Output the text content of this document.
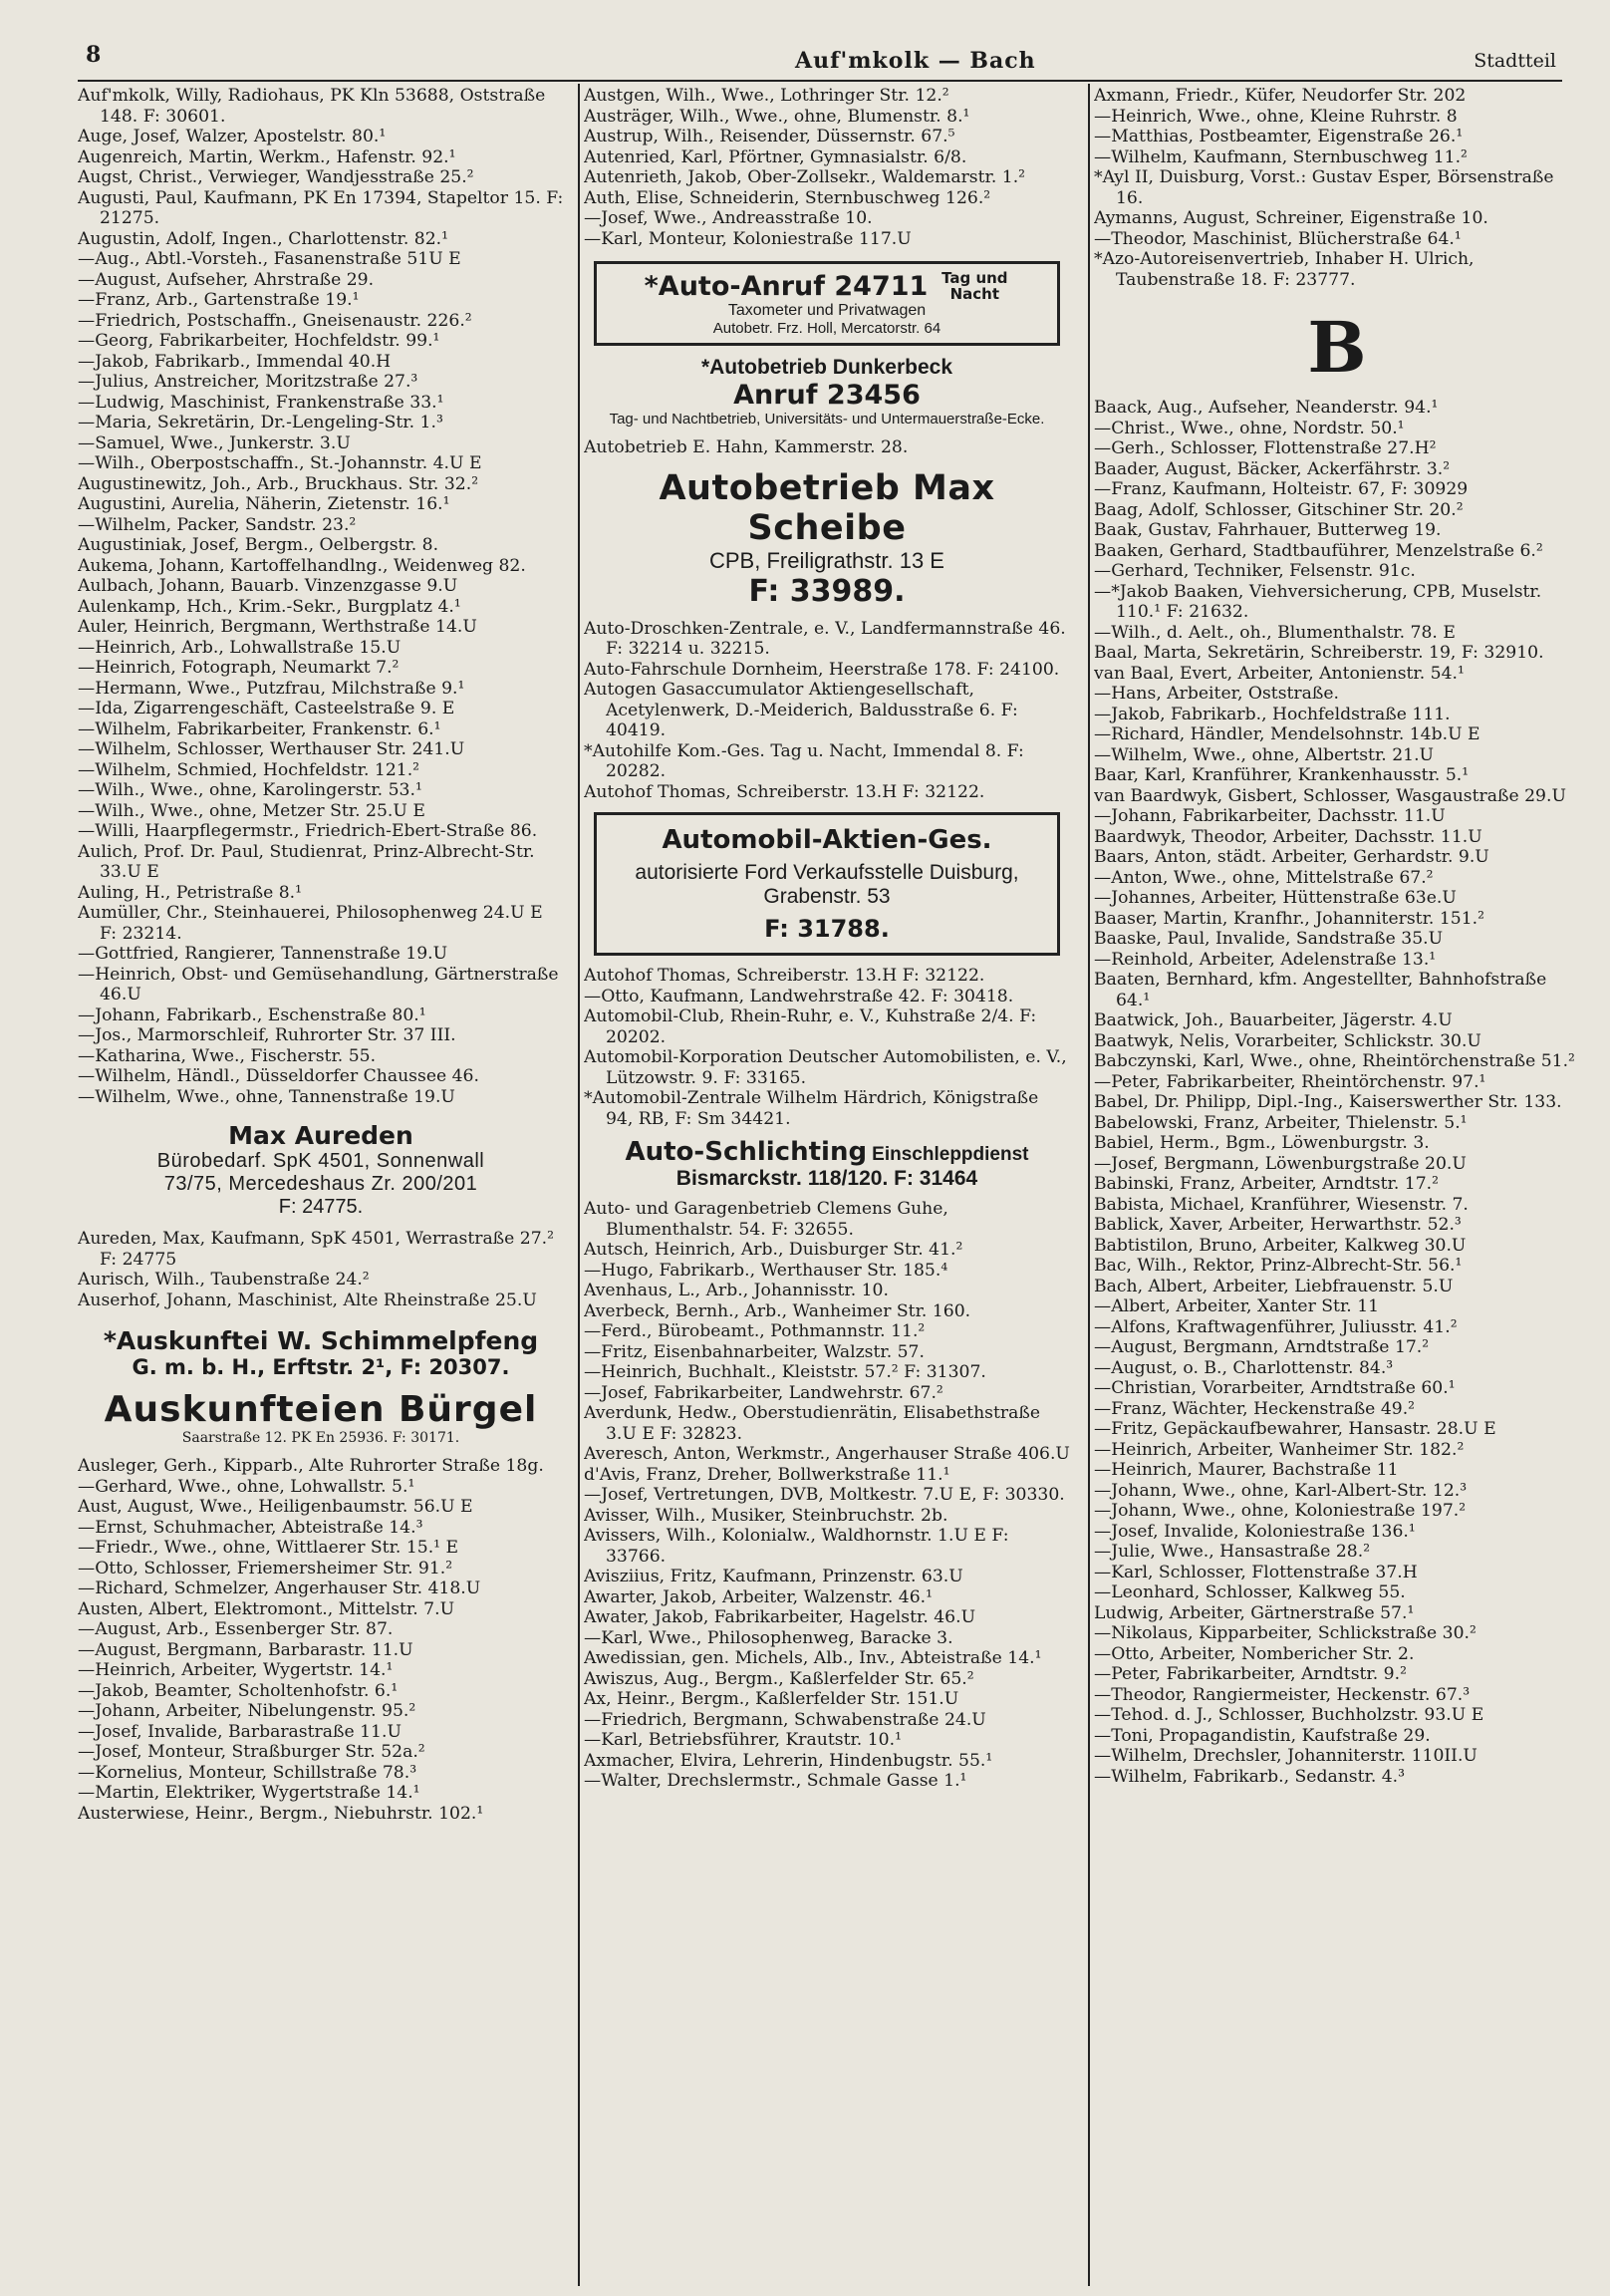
8	Auf'mkolk — Bach	Stadtteil

Auf'mkolk, Willy, Radiohaus, PK Kln 53688, Oststraße 148. F: 30601.

Auge, Josef, Walzer, Apostelstr. 80.¹

Augenreich, Martin, Werkm., Hafenstr. 92.¹

Augst, Christ., Verwieger, Wandjesstraße 25.²

Augusti, Paul, Kaufmann, PK En 17394, Stapeltor 15. F: 21275.

Augustin, Adolf, Ingen., Charlottenstr. 82.¹

—Aug., Abtl.-Vorsteh., Fasanenstraße 51U E

—August, Aufseher, Ahrstraße 29.

—Franz, Arb., Gartenstraße 19.¹

—Friedrich, Postschaffn., Gneisenaustr. 226.²

—Georg, Fabrikarbeiter, Hochfeldstr. 99.¹

—Jakob, Fabrikarb., Immendal 40.H

—Julius, Anstreicher, Moritzstraße 27.³

—Ludwig, Maschinist, Frankenstraße 33.¹

—Maria, Sekretärin, Dr.-Lengeling-Str. 1.³

—Samuel, Wwe., Junkerstr. 3.U

—Wilh., Oberpostschaffn., St.-Johannstr. 4.U E

Augustinewitz, Joh., Arb., Bruckhaus. Str. 32.²

Augustini, Aurelia, Näherin, Zietenstr. 16.¹

—Wilhelm, Packer, Sandstr. 23.²

Augustiniak, Josef, Bergm., Oelbergstr. 8.

Aukema, Johann, Kartoffelhandlng., Weidenweg 82.

Aulbach, Johann, Bauarb. Vinzenzgasse 9.U

Aulenkamp, Hch., Krim.-Sekr., Burgplatz 4.¹

Auler, Heinrich, Bergmann, Werthstraße 14.U

—Heinrich, Arb., Lohwallstraße 15.U

—Heinrich, Fotograph, Neumarkt 7.²

—Hermann, Wwe., Putzfrau, Milchstraße 9.¹

—Ida, Zigarrengeschäft, Casteelstraße 9. E

—Wilhelm, Fabrikarbeiter, Frankenstr. 6.¹

—Wilhelm, Schlosser, Werthauser Str. 241.U

—Wilhelm, Schmied, Hochfeldstr. 121.²

—Wilh., Wwe., ohne, Karolingerstr. 53.¹

—Wilh., Wwe., ohne, Metzer Str. 25.U E

—Willi, Haarpflegermstr., Friedrich-Ebert-Straße 86.

Aulich, Prof. Dr. Paul, Studienrat, Prinz-Albrecht-Str. 33.U E

Auling, H., Petristraße 8.¹

Aumüller, Chr., Steinhauerei, Philosophenweg 24.U E F: 23214.

—Gottfried, Rangierer, Tannenstraße 19.U

—Heinrich, Obst- und Gemüsehandlung, Gärtnerstraße 46.U

—Johann, Fabrikarb., Eschenstraße 80.¹

—Jos., Marmorschleif, Ruhrorter Str. 37 III.

—Katharina, Wwe., Fischerstr. 55.

—Wilhelm, Händl., Düsseldorfer Chaussee 46.

—Wilhelm, Wwe., ohne, Tannenstraße 19.U

Max Aureden
Bürobedarf. SpK 4501, Sonnenwall
73/75, Mercedeshaus Zr. 200/201
F: 24775.

Aureden, Max, Kaufmann, SpK 4501, Werrastraße 27.² F: 24775

Aurisch, Wilh., Taubenstraße 24.²

Auserhof, Johann, Maschinist, Alte Rheinstraße 25.U

*Auskunftei W. Schimmelpfeng
G. m. b. H., Erftstr. 2¹, F: 20307.
Auskunfteien Bürgel
Saarstraße 12. PK En 25936. F: 30171.

Ausleger, Gerh., Kipparb., Alte Ruhrorter Straße 18g.

—Gerhard, Wwe., ohne, Lohwallstr. 5.¹

Aust, August, Wwe., Heiligenbaumstr. 56.U E

—Ernst, Schuhmacher, Abteistraße 14.³

—Friedr., Wwe., ohne, Wittlaerer Str. 15.¹ E

—Otto, Schlosser, Friemersheimer Str. 91.²

—Richard, Schmelzer, Angerhauser Str. 418.U

Austen, Albert, Elektromont., Mittelstr. 7.U

—August, Arb., Essenberger Str. 87.

—August, Bergmann, Barbarastr. 11.U

—Heinrich, Arbeiter, Wygertstr. 14.¹

—Jakob, Beamter, Scholtenhofstr. 6.¹

—Johann, Arbeiter, Nibelungenstr. 95.²

—Josef, Invalide, Barbarastraße 11.U

—Josef, Monteur, Straßburger Str. 52a.²

—Kornelius, Monteur, Schillstraße 78.³

—Martin, Elektriker, Wygertstraße 14.¹

Austerwiese, Heinr., Bergm., Niebuhrstr. 102.¹

Austgen, Wilh., Wwe., Lothringer Str. 12.²

Austräger, Wilh., Wwe., ohne, Blumenstr. 8.¹

Austrup, Wilh., Reisender, Düssernstr. 67.⁵

Autenried, Karl, Pförtner, Gymnasialstr. 6/8.

Autenrieth, Jakob, Ober-Zollsekr., Waldemarstr. 1.²

Auth, Elise, Schneiderin, Sternbuschweg 126.²

—Josef, Wwe., Andreasstraße 10.

—Karl, Monteur, Koloniestraße 117.U

*Auto-Anruf 24711 Tag und Nacht
Taxometer und Privatwagen
Autobetr. Frz. Holl, Mercatorstr. 64
*Autobetrieb Dunkerbeck
Anruf 23456
Tag- und Nachtbetrieb, Universitäts- und Untermauerstraße-Ecke.

Autobetrieb E. Hahn, Kammerstr. 28.

Autobetrieb Max Scheibe
CPB, Freiligrathstr. 13 E
F: 33989.

Auto-Droschken-Zentrale, e. V., Landfermannstraße 46. F: 32214 u. 32215.

Auto-Fahrschule Dornheim, Heerstraße 178. F: 24100.

Autogen Gasaccumulator Aktiengesellschaft, Acetylenwerk, D.-Meiderich, Baldusstraße 6. F: 40419.

*Autohilfe Kom.-Ges. Tag u. Nacht, Immendal 8. F: 20282.

Autohof Thomas, Schreiberstr. 13.H F: 32122.

Automobil-Aktien-Ges.
autorisierte Ford Verkaufsstelle Duisburg, Grabenstr. 53
F: 31788.

Autohof Thomas, Schreiberstr. 13.H F: 32122.

—Otto, Kaufmann, Landwehrstraße 42. F: 30418.

Automobil-Club, Rhein-Ruhr, e. V., Kuhstraße 2/4. F: 20202.

Automobil-Korporation Deutscher Automobilisten, e. V., Lützowstr. 9. F: 33165.

*Automobil-Zentrale Wilhelm Härdrich, Königstraße 94, RB, F: Sm 34421.

Auto-Schlichting Einschleppdienst
Bismarckstr. 118/120. F: 31464

Auto- und Garagenbetrieb Clemens Guhe, Blumenthalstr. 54. F: 32655.

Autsch, Heinrich, Arb., Duisburger Str. 41.²

—Hugo, Fabrikarb., Werthauser Str. 185.⁴

Avenhaus, L., Arb., Johannisstr. 10.

Averbeck, Bernh., Arb., Wanheimer Str. 160.

—Ferd., Bürobeamt., Pothmannstr. 11.²

—Fritz, Eisenbahnarbeiter, Walzstr. 57.

—Heinrich, Buchhalt., Kleiststr. 57.² F: 31307.

—Josef, Fabrikarbeiter, Landwehrstr. 67.²

Averdunk, Hedw., Oberstudienrätin, Elisabethstraße 3.U E F: 32823.

Averesch, Anton, Werkmstr., Angerhauser Straße 406.U

d'Avis, Franz, Dreher, Bollwerkstraße 11.¹

—Josef, Vertretungen, DVB, Moltkestr. 7.U E, F: 30330.

Avisser, Wilh., Musiker, Steinbruchstr. 2b.

Avissers, Wilh., Kolonialw., Waldhornstr. 1.U E F: 33766.

Avisziius, Fritz, Kaufmann, Prinzenstr. 63.U

Awarter, Jakob, Arbeiter, Walzenstr. 46.¹

Awater, Jakob, Fabrikarbeiter, Hagelstr. 46.U

—Karl, Wwe., Philosophenweg, Baracke 3.

Awedissian, gen. Michels, Alb., Inv., Abteistraße 14.¹

Awiszus, Aug., Bergm., Kaßlerfelder Str. 65.²

Ax, Heinr., Bergm., Kaßlerfelder Str. 151.U

—Friedrich, Bergmann, Schwabenstraße 24.U

—Karl, Betriebsführer, Krautstr. 10.¹

Axmacher, Elvira, Lehrerin, Hindenbugstr. 55.¹

—Walter, Drechslermstr., Schmale Gasse 1.¹

Axmann, Friedr., Küfer, Neudorfer Str. 202

—Heinrich, Wwe., ohne, Kleine Ruhrstr. 8

—Matthias, Postbeamter, Eigenstraße 26.¹

—Wilhelm, Kaufmann, Sternbuschweg 11.²

*Ayl II, Duisburg, Vorst.: Gustav Esper, Börsenstraße 16.

Aymanns, August, Schreiner, Eigenstraße 10.

—Theodor, Maschinist, Blücherstraße 64.¹

*Azo-Autoreisenvertrieb, Inhaber H. Ulrich, Taubenstraße 18. F: 23777.

B

Baack, Aug., Aufseher, Neanderstr. 94.¹

—Christ., Wwe., ohne, Nordstr. 50.¹

—Gerh., Schlosser, Flottenstraße 27.H²

Baader, August, Bäcker, Ackerfährstr. 3.²

—Franz, Kaufmann, Holteistr. 67, F: 30929

Baag, Adolf, Schlosser, Gitschiner Str. 20.²

Baak, Gustav, Fahrhauer, Butterweg 19.

Baaken, Gerhard, Stadtbauführer, Menzelstraße 6.²

—Gerhard, Techniker, Felsenstr. 91c.

—*Jakob Baaken, Viehversicherung, CPB, Muselstr. 110.¹ F: 21632.

—Wilh., d. Aelt., oh., Blumenthalstr. 78. E

Baal, Marta, Sekretärin, Schreiberstr. 19, F: 32910.

van Baal, Evert, Arbeiter, Antonienstr. 54.¹

—Hans, Arbeiter, Oststraße.

—Jakob, Fabrikarb., Hochfeldstraße 111.

—Richard, Händler, Mendelsohnstr. 14b.U E

—Wilhelm, Wwe., ohne, Albertstr. 21.U

Baar, Karl, Kranführer, Krankenhausstr. 5.¹

van Baardwyk, Gisbert, Schlosser, Wasgaustraße 29.U

—Johann, Fabrikarbeiter, Dachsstr. 11.U

Baardwyk, Theodor, Arbeiter, Dachsstr. 11.U

Baars, Anton, städt. Arbeiter, Gerhardstr. 9.U

—Anton, Wwe., ohne, Mittelstraße 67.²

—Johannes, Arbeiter, Hüttenstraße 63e.U

Baaser, Martin, Kranfhr., Johanniterstr. 151.²

Baaske, Paul, Invalide, Sandstraße 35.U

—Reinhold, Arbeiter, Adelenstraße 13.¹

Baaten, Bernhard, kfm. Angestellter, Bahnhofstraße 64.¹

Baatwick, Joh., Bauarbeiter, Jägerstr. 4.U

Baatwyk, Nelis, Vorarbeiter, Schlickstr. 30.U

Babczynski, Karl, Wwe., ohne, Rheintörchenstraße 51.²

—Peter, Fabrikarbeiter, Rheintörchenstr. 97.¹

Babel, Dr. Philipp, Dipl.-Ing., Kaiserswerther Str. 133.

Babelowski, Franz, Arbeiter, Thielenstr. 5.¹

Babiel, Herm., Bgm., Löwenburgstr. 3.

—Josef, Bergmann, Löwenburgstraße 20.U

Babinski, Franz, Arbeiter, Arndtstr. 17.²

Babista, Michael, Kranführer, Wiesenstr. 7.

Bablick, Xaver, Arbeiter, Herwarthstr. 52.³

Babtistilon, Bruno, Arbeiter, Kalkweg 30.U

Bac, Wilh., Rektor, Prinz-Albrecht-Str. 56.¹

Bach, Albert, Arbeiter, Liebfrauenstr. 5.U

—Albert, Arbeiter, Xanter Str. 11

—Alfons, Kraftwagenführer, Juliusstr. 41.²

—August, Bergmann, Arndtstraße 17.²

—August, o. B., Charlottenstr. 84.³

—Christian, Vorarbeiter, Arndtstraße 60.¹

—Franz, Wächter, Heckenstraße 49.²

—Fritz, Gepäckaufbewahrer, Hansastr. 28.U E

—Heinrich, Arbeiter, Wanheimer Str. 182.²

—Heinrich, Maurer, Bachstraße 11

—Johann, Wwe., ohne, Karl-Albert-Str. 12.³

—Johann, Wwe., ohne, Koloniestraße 197.²

—Josef, Invalide, Koloniestraße 136.¹

—Julie, Wwe., Hansastraße 28.²

—Karl, Schlosser, Flottenstraße 37.H

—Leonhard, Schlosser, Kalkweg 55.

Ludwig, Arbeiter, Gärtnerstraße 57.¹

—Nikolaus, Kipparbeiter, Schlickstraße 30.²

—Otto, Arbeiter, Nombericher Str. 2.

—Peter, Fabrikarbeiter, Arndtstr. 9.²

—Theodor, Rangiermeister, Heckenstr. 67.³

—Tehod. d. J., Schlosser, Buchholzstr. 93.U E

—Toni, Propagandistin, Kaufstraße 29.

—Wilhelm, Drechsler, Johanniterstr. 110II.U

—Wilhelm, Fabrikarb., Sedanstr. 4.³
